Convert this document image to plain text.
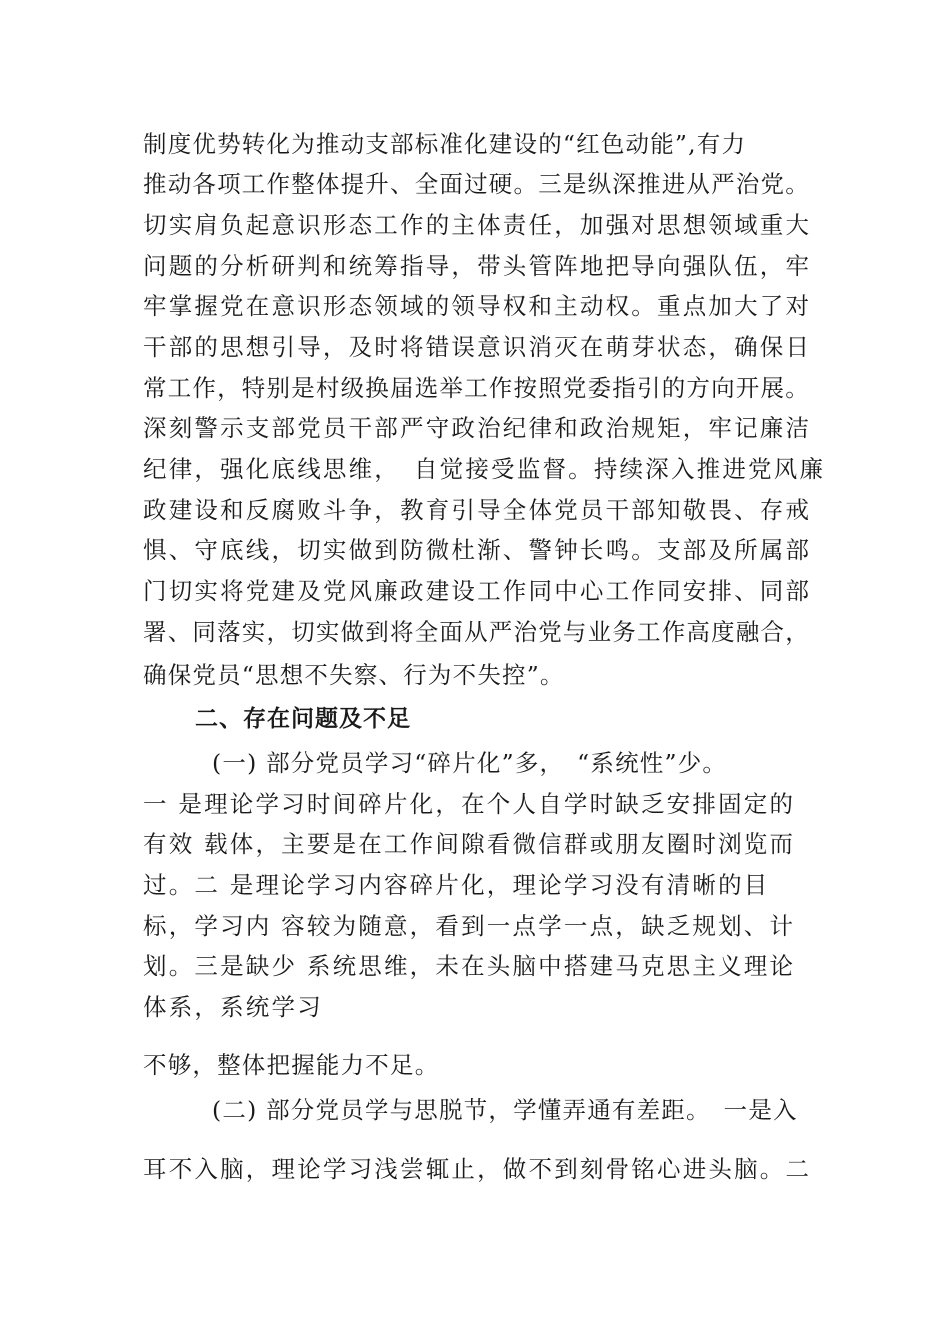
制度优势转化为推动支部标准化建设的“红色动能”,有力
推动各项工作整体提升、全面过硬。三是纵深推进从严治党。
切实肩负起意识形态工作的主体责任，加强对思想领域重大
问题的分析研判和统筹指导，带头管阵地把导向强队伍，牢
牢掌握党在意识形态领域的领导权和主动权。重点加大了对
干部的思想引导，及时将错误意识消灭在萌芽状态，确保日
常工作，特别是村级换届选举工作按照党委指引的方向开展。
深刻警示支部党员干部严守政治纪律和政治规矩，牢记廉洁
纪律，强化底线思维，　自觉接受监督。持续深入推进党风廉
政建设和反腐败斗争，教育引导全体党员干部知敬畏、存戒
惧、守底线，切实做到防微杜渐、警钟长鸣。支部及所属部
门切实将党建及党风廉政建设工作同中心工作同安排、同部
署、同落实，切实做到将全面从严治党与业务工作高度融合，
确保党员“思想不失察、行为不失控”。
二、存在问题及不足
(一) 部分党员学习“碎片化”多，　“系统性”少。
一 是理论学习时间碎片化，在个人自学时缺乏安排固定的
有效 载体，主要是在工作间隙看微信群或朋友圈时浏览而
过。二 是理论学习内容碎片化，理论学习没有清晰的目
标，学习内 容较为随意，看到一点学一点，缺乏规划、计
划。三是缺少 系统思维，未在头脑中搭建马克思主义理论
体系，系统学习
不够，整体把握能力不足。
(二) 部分党员学与思脱节，学懂弄通有差距。　一是入
耳不入脑，理论学习浅尝辄止，做不到刻骨铭心进头脑。二
